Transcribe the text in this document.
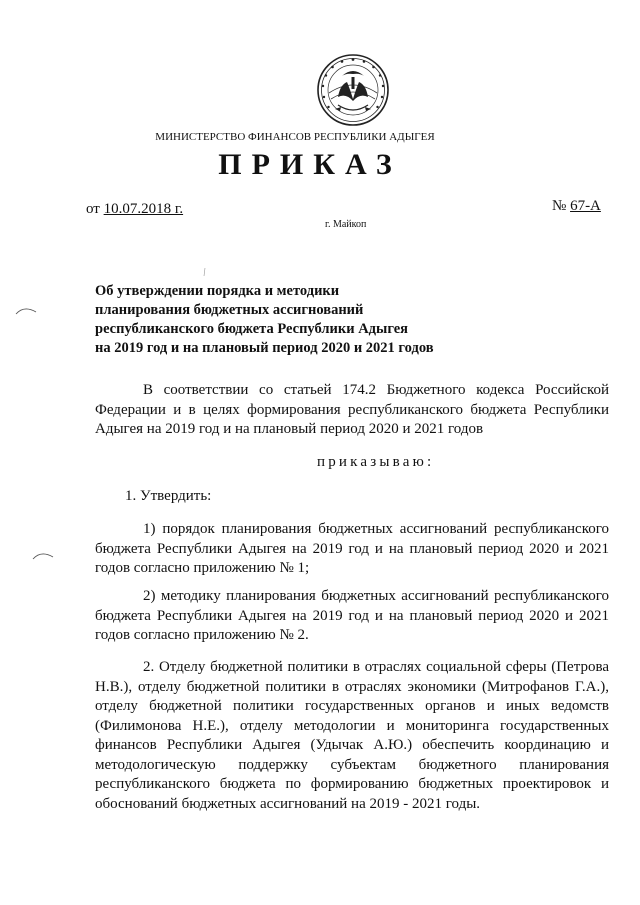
МИНИСТЕРСТВО ФИНАНСОВ РЕСПУБЛИКИ АДЫГЕЯ
ПРИКАЗ
от 10.07.2018 г.	№ 67-А
г. Майкоп
Об утверждении порядка и методики
планирования бюджетных ассигнований
республиканского бюджета Республики Адыгея
на 2019 год и на плановый период 2020 и 2021 годов
В соответствии со статьей 174.2 Бюджетного кодекса Российской Федерации и в целях формирования республиканского бюджета Республики Адыгея на 2019 год и на плановый период 2020 и 2021 годов
приказываю:
1. Утвердить:
1) порядок планирования бюджетных ассигнований республиканского бюджета Республики Адыгея на 2019 год и на плановый период 2020 и 2021 годов согласно приложению № 1;
2) методику планирования бюджетных ассигнований республиканского бюджета Республики Адыгея на 2019 год и на плановый период 2020 и 2021 годов согласно приложению № 2.
2. Отделу бюджетной политики в отраслях социальной сферы (Петрова Н.В.), отделу бюджетной политики в отраслях экономики (Митрофанов Г.А.), отделу бюджетной политики государственных органов и иных ведомств (Филимонова Н.Е.), отделу методологии и мониторинга государственных финансов Республики Адыгея (Удычак А.Ю.) обеспечить координацию и методологическую поддержку субъектам бюджетного планирования республиканского бюджета по формированию бюджетных проектировок и обоснований бюджетных ассигнований на 2019 - 2021 годы.
